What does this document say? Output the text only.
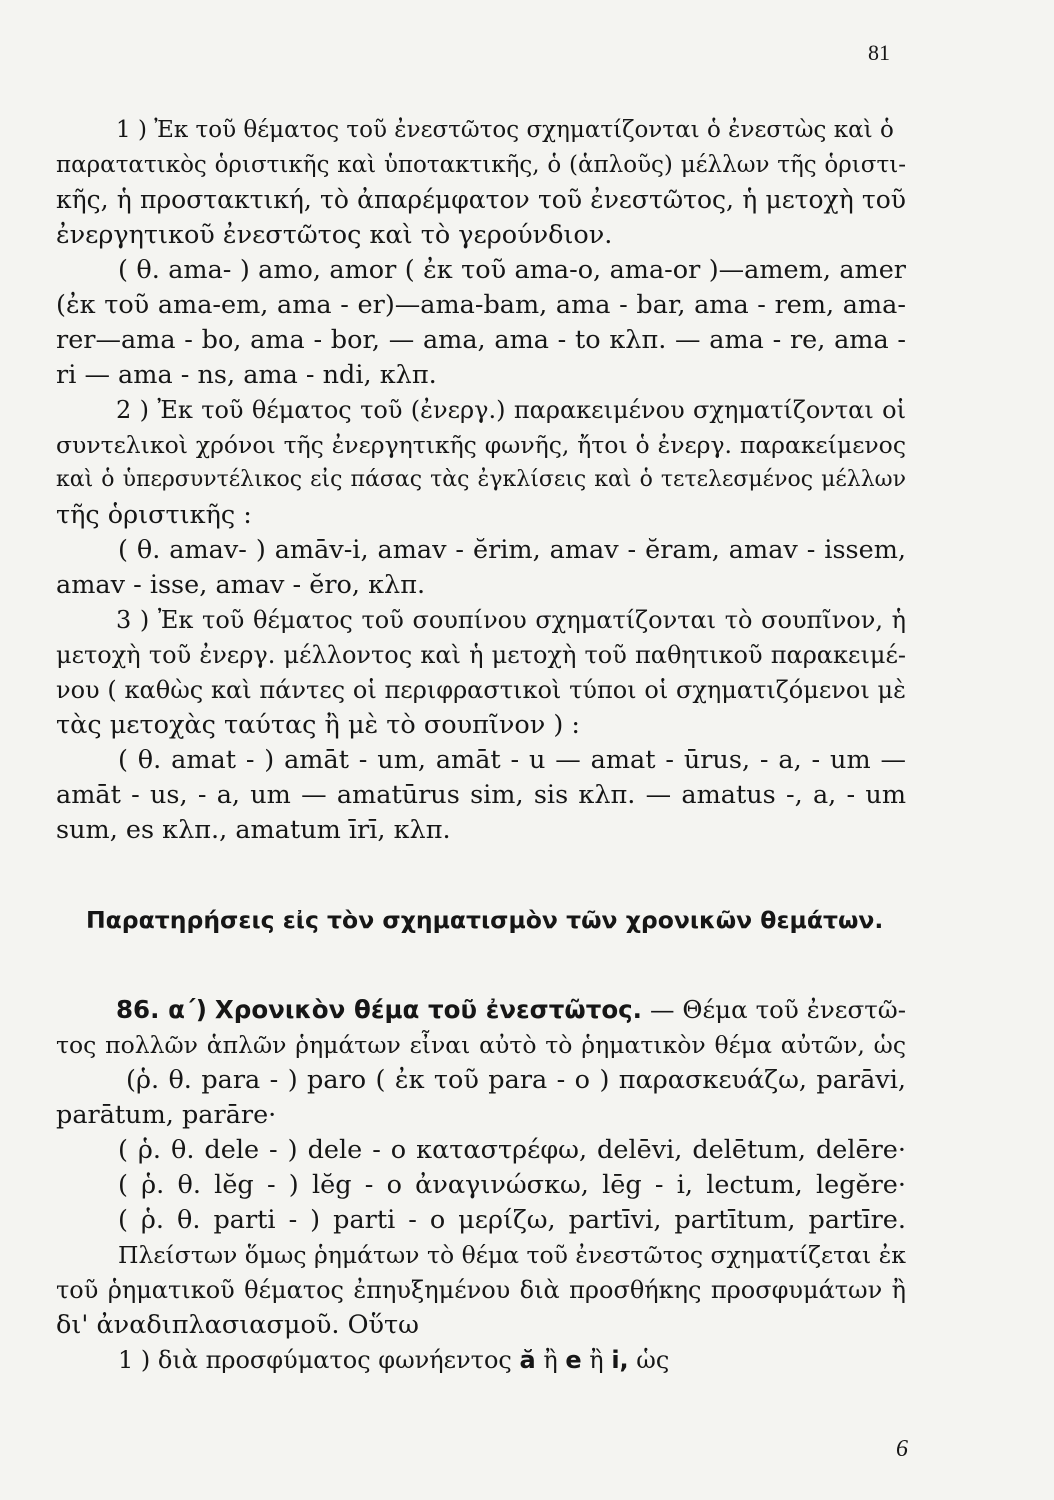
81
1 ) Ἐκ τοῦ θέματος τοῦ ἐνεστῶτος σχηματίζονται ὁ ἐνεστὼς καὶ ὁ
παρατατικὸς ὁριστικῆς καὶ ὑποτακτικῆς, ὁ (ἁπλοῦς) μέλλων τῆς ὁριστι-
κῆς, ἡ προστακτική, τὸ ἀπαρέμφατον τοῦ ἐνεστῶτος, ἡ μετοχὴ τοῦ
ἐνεργητικοῦ ἐνεστῶτος καὶ τὸ γερούνδιον.
( θ. ama- ) amo, amor ( ἐκ τοῦ ama-o, ama-or )—amem, amer
(ἐκ τοῦ ama-em, ama - er)—ama-bam, ama - bar, ama - rem, ama-
rer—ama - bo, ama - bor, — ama, ama - to κλπ. — ama - re, ama -
ri — ama - ns, ama - ndi, κλπ.
2 ) Ἐκ τοῦ θέματος τοῦ (ἐνεργ.) παρακειμένου σχηματίζονται οἱ
συντελικοὶ χρόνοι τῆς ἐνεργητικῆς φωνῆς, ἤτοι ὁ ἐνεργ. παρακείμενος
καὶ ὁ ὑπερσυντέλικος εἰς πάσας τὰς ἐγκλίσεις καὶ ὁ τετελεσμένος μέλλων
τῆς ὁριστικῆς :
( θ. amav- ) amāv-i, amav - ĕrim, amav - ĕram, amav - issem,
amav - isse, amav - ĕro, κλπ.
3 ) Ἐκ τοῦ θέματος τοῦ σουπίνου σχηματίζονται τὸ σουπῖνον, ἡ
μετοχὴ τοῦ ἐνεργ. μέλλοντος καὶ ἡ μετοχὴ τοῦ παθητικοῦ παρακειμέ-
νου ( καθὼς καὶ πάντες οἱ περιφραστικοὶ τύποι οἱ σχηματιζόμενοι μὲ
τὰς μετοχὰς ταύτας ἢ μὲ τὸ σουπῖνον ) :
( θ. amat - ) amāt - um, amāt - u — amat - ūrus, - a, - um —
amāt - us, - a, um — amatūrus sim, sis κλπ. — amatus -, a, - um
sum, es κλπ., amatum īrī, κλπ.
Παρατηρήσεις εἰς τὸν σχηματισμὸν τῶν χρονικῶν θεμάτων.
86. α΄) Χρονικὸν θέμα τοῦ ἐνεστῶτος. — Θέμα τοῦ ἐνεστῶ-
τος πολλῶν ἁπλῶν ῥημάτων εἶναι αὐτὸ τὸ ῥηματικὸν θέμα αὐτῶν, ὡς
(ῥ. θ. para - ) paro ( ἐκ τοῦ para - o ) παρασκευάζω, parāvi,
parātum, parāre·
( ῥ. θ. dele - ) dele - o καταστρέφω, delēvi, delētum, delēre·
( ῥ. θ. lĕg - ) lĕg - o ἀναγινώσκω, lēg - i, lectum, legĕre·
( ῥ. θ. parti - ) parti - o μερίζω, partīvi, partītum, partīre.
Πλείστων ὅμως ῥημάτων τὸ θέμα τοῦ ἐνεστῶτος σχηματίζεται ἐκ
τοῦ ῥηματικοῦ θέματος ἐπηυξημένου διὰ προσθήκης προσφυμάτων ἢ
δι' ἀναδιπλασιασμοῦ. Οὕτω
1 ) διὰ προσφύματος φωνήεντος ă ἢ e ἢ i, ὡς
6
